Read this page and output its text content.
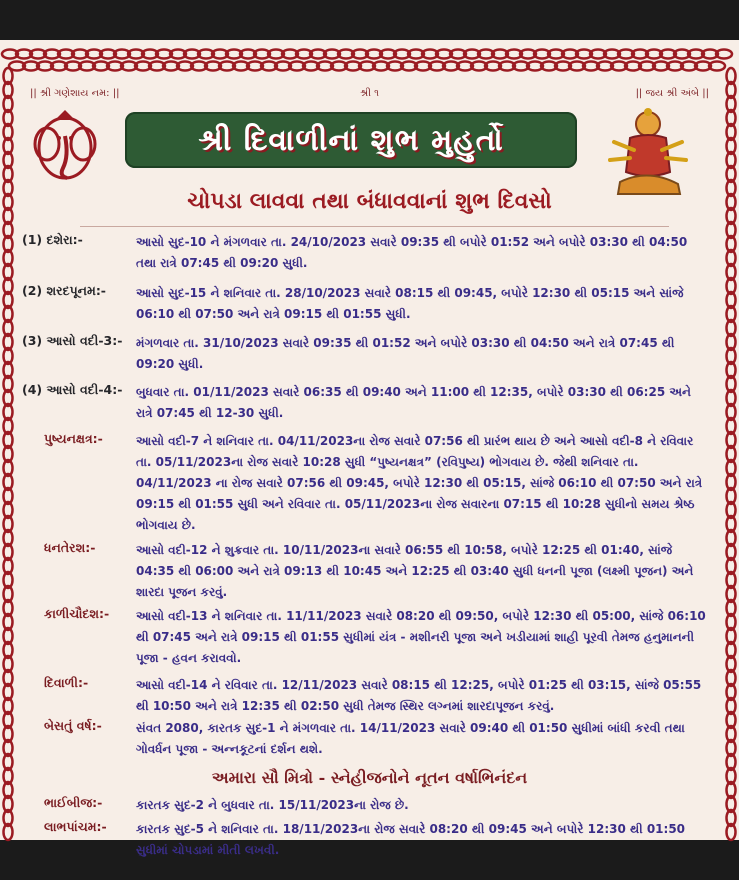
|| શ્રી ગણેશાય નમ: ||	શ્રી ૧	|| જય શ્રી અંબે ||
શ્રી દિવાળીનાં શુભ મુહુર્તો
ચોપડા લાવવા તથા બંધાવવાનાં શુભ દિવસો
(1) દશેરા:-	આસો સુદ-10 ને મંગળવાર તા. 24/10/2023 સવારે 09:35 થી બપોરે 01:52 અને બપોરે 03:30 થી 04:50 તથા રાત્રે 07:45 થી 09:20 સુધી.
(2) શરદપૂનમ:-	આસો સુદ-15 ને શનિવાર તા. 28/10/2023 સવારે 08:15 થી 09:45, બપોરે 12:30 થી 05:15 અને સાંજે 06:10 થી 07:50 અને રાત્રે 09:15 થી 01:55 સુધી.
(3) આસો વદી-3:- મંગળવાર તા. 31/10/2023 સવારે 09:35 થી 01:52 અને બપોરે 03:30 થી 04:50 અને રાત્રે 07:45 થી 09:20 સુધી.
(4) આસો વદી-4:- બુધવાર તા. 01/11/2023 સવારે 06:35 થી 09:40 અને 11:00 થી 12:35, બપોરે 03:30 થી 06:25 અને રાત્રે 07:45 થી 12-30 સુધી.
પુષ્યનક્ષત્ર:-	આસો વદી-7 ને શનિવાર તા. 04/11/2023ના રોજ સવારે 07:56 થી પ્રારંભ થાય છે અને આસો વદી-8 ને રવિવાર તા. 05/11/2023ના રોજ સવારે 10:28 સુધી “પુષ્યનક્ષત્ર” (રવિપુષ્ય) ભોગવાય છે. જેથી શનિવાર તા. 04/11/2023 ના રોજ સવારે 07:56 થી 09:45, બપોરે 12:30 થી 05:15, સાંજે 06:10 થી 07:50 અને રાત્રે 09:15 થી 01:55 સુધી અને રવિવાર તા. 05/11/2023ના રોજ સવારના 07:15 થી 10:28 સુધીનો સમય શ્રેષ્ઠ ભોગવાય છે.
ધનતેરશ:-	આસો વદી-12 ને શુક્રવાર તા. 10/11/2023ના સવારે 06:55 થી 10:58, બપોરે 12:25 થી 01:40, સાંજે 04:35 થી 06:00 અને રાત્રે 09:13 થી 10:45 અને 12:25 થી 03:40 સુધી ધનની પૂજા (લક્ષ્મી પૂજન) અને શારદા પૂજન કરવું.
કાળીચૌદશ:- આસો વદી-13 ને શનિવાર તા. 11/11/2023 સવારે 08:20 થી 09:50, બપોરે 12:30 થી 05:00, સાંજે 06:10 થી 07:45 અને રાત્રે 09:15 થી 01:55 સુધીમાં યંત્ર - મશીનરી પૂજા અને ખડીયામાં શાહી પૂરવી તેમજ હનુમાનની પૂજા - હવન કરાવવો.
દિવાળી:-	આસો વદી-14 ને રવિવાર તા. 12/11/2023 સવારે 08:15 થી 12:25, બપોરે 01:25 થી 03:15, સાંજે 05:55 થી 10:50 અને રાત્રે 12:35 થી 02:50 સુધી તેમજ સ્થિર લગ્નમાં શારદાપૂજન કરવું.
બેસતું વર્ષ:-	સંવત 2080, કારતક સુદ-1 ને મંગળવાર તા. 14/11/2023 સવારે 09:40 થી 01:50 સુધીમાં બાંધી કરવી તથા ગોવર્ધન પૂજા - અન્નકૂટનાં દર્શન થશે.
ભાઈબીજ:-	કારતક સુદ-2 ને બુધવાર તા. 15/11/2023ના રોજ છે.
લાભપાંચમ:- કારતક સુદ-5 ને શનિવાર તા. 18/11/2023ના રોજ સવારે 08:20 થી 09:45 અને બપોરે 12:30 થી 01:50 સુધીમાં ચોપડામાં મીતી લખવી.
અમારા સૌ મિત્રો - સ્નેહીજનોને નૂતન વર્ષાભિનંદન
